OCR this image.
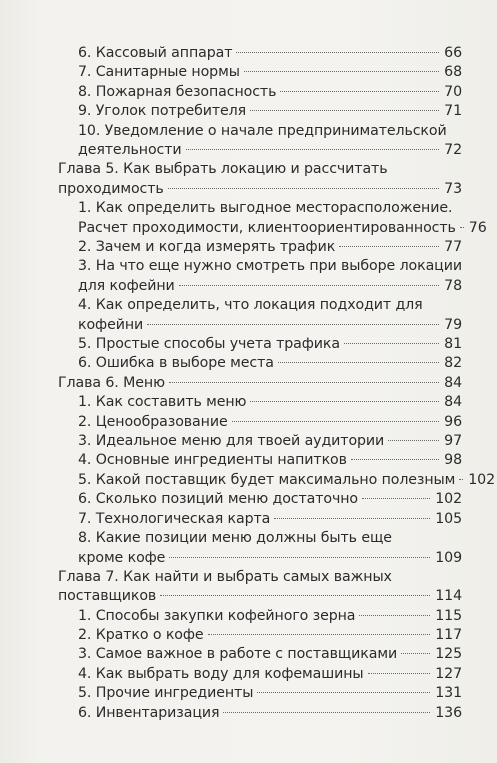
6. Кассовый аппарат	66
7. Санитарные нормы	68
8. Пожарная безопасность	70
9. Уголок потребителя	71
10. Уведомление о начале предпринимательской
деятельности	72
Глава 5. Как выбрать локацию и рассчитать
проходимость	73
1. Как определить выгодное месторасположение.
Расчет проходимости, клиентоориентированность 76
2. Зачем и когда измерять трафик	77
3. На что еще нужно смотреть при выборе локации
для кофейни	78
4. Как определить, что локация подходит для
кофейни	79
5. Простые способы учета трафика	81
6. Ошибка в выборе места	82
Глава 6. Меню	84
1. Как составить меню	84
2. Ценообразование	96
3. Идеальное меню для твоей аудитории	97
4. Основные ингредиенты напитков	98
5. Какой поставщик будет максимально полезным 102
6. Сколько позиций меню достаточно	102
7. Технологическая карта	105
8. Какие позиции меню должны быть еще
кроме кофе	109
Глава 7. Как найти и выбрать самых важных
поставщиков	114
1. Способы закупки кофейного зерна	115
2. Кратко о кофе	117
3. Самое важное в работе с поставщиками	125
4. Как выбрать воду для кофемашины	127
5. Прочие ингредиенты	131
6. Инвентаризация	136
